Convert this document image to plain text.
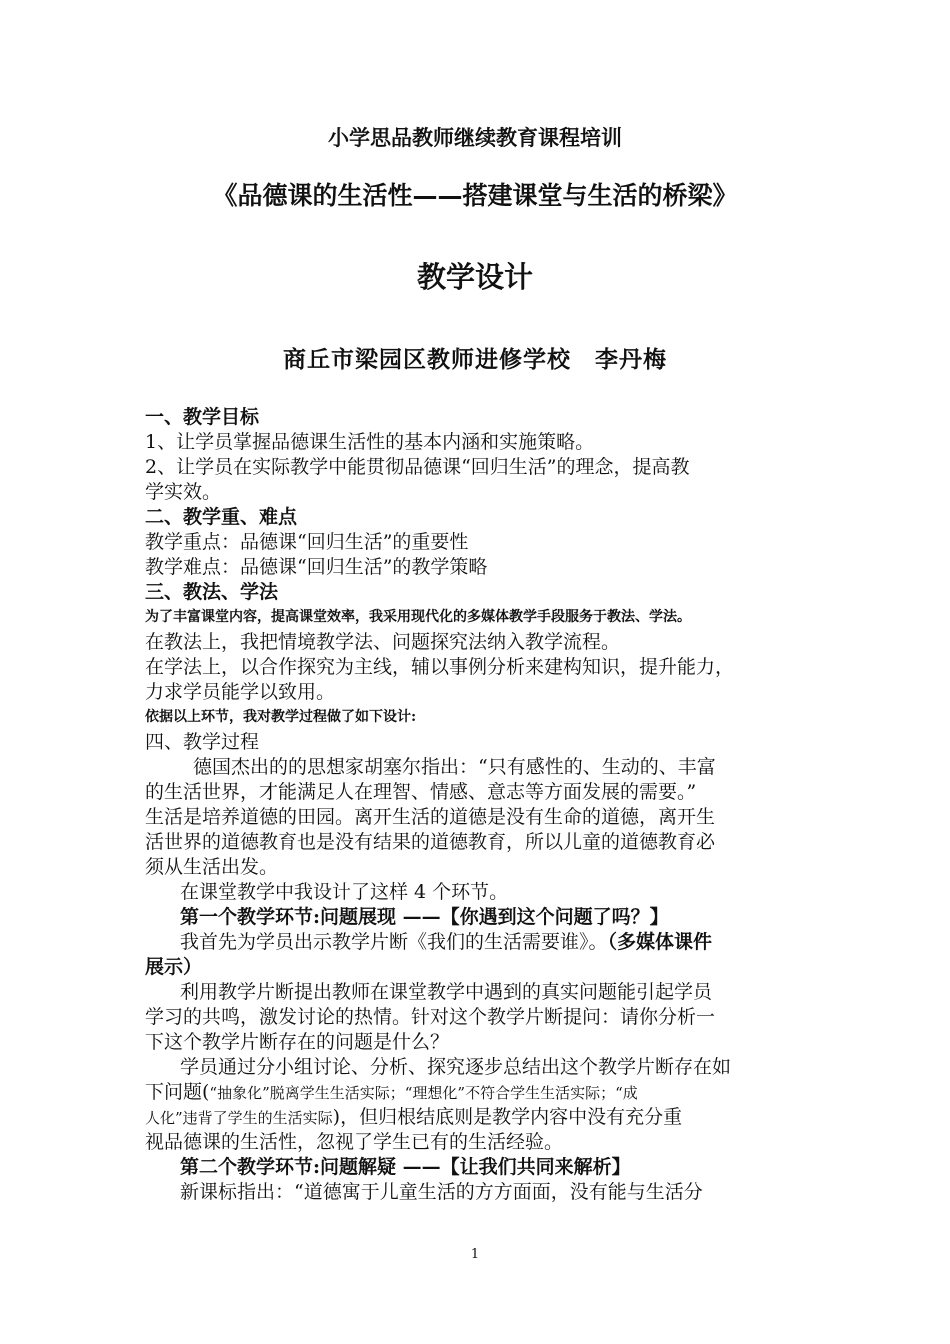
小学思品教师继续教育课程培训
《品德课的生活性——搭建课堂与生活的桥梁》
教学设计
商丘市梁园区教师进修学校　李丹梅
一、教学目标
1、让学员掌握品德课生活性的基本内涵和实施策略。
2、让学员在实际教学中能贯彻品德课“回归生活”的理念，提高教
学实效。
二、教学重、难点
教学重点：品德课“回归生活”的重要性
教学难点：品德课“回归生活”的教学策略
三、教法、学法
为了丰富课堂内容，提高课堂效率，我采用现代化的多媒体教学手段服务于教法、学法。
在教法上，我把情境教学法、问题探究法纳入教学流程。
在学法上，以合作探究为主线，辅以事例分析来建构知识，提升能力，
力求学员能学以致用。
依据以上环节，我对教学过程做了如下设计:
四、教学过程
德国杰出的的思想家胡塞尔指出：“只有感性的、生动的、丰富
的生活世界，才能满足人在理智、情感、意志等方面发展的需要。”
生活是培养道德的田园。离开生活的道德是没有生命的道德，离开生
活世界的道德教育也是没有结果的道德教育，所以儿童的道德教育必
须从生活出发。
在课堂教学中我设计了这样 4 个环节。
第一个教学环节:问题展现 ——【你遇到这个问题了吗？】
我首先为学员出示教学片断《我们的生活需要谁》。（多媒体课件
展示）
利用教学片断提出教师在课堂教学中遇到的真实问题能引起学员
学习的共鸣，激发讨论的热情。针对这个教学片断提问：请你分析一
下这个教学片断存在的问题是什么？
学员通过分小组讨论、分析、探究逐步总结出这个教学片断存在如
下问题(“抽象化”脱离学生生活实际；“理想化”不符合学生生活实际；“成
人化”违背了学生的生活实际)，但归根结底则是教学内容中没有充分重
视品德课的生活性，忽视了学生已有的生活经验。
第二个教学环节:问题解疑 ——【让我们共同来解析】
新课标指出：“道德寓于儿童生活的方方面面，没有能与生活分
1
